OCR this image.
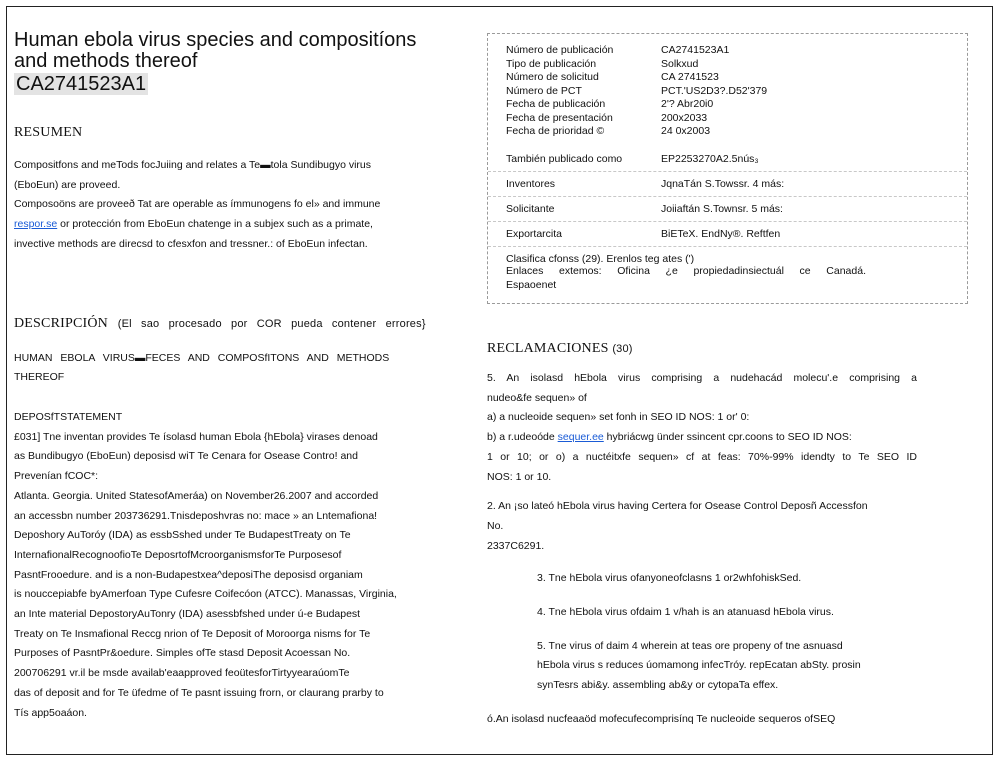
Human ebola virus species and compositíons
and methods thereof
CA2741523A1
RESUMEN
Compositfons and meTods focJuiing and relates a Te▬tola Sundibugyo virus
(EboEun) are proveed.
Composoöns are proveeð Tat are operable as ímmunogens fo el» and immune
respor.se or protección from EboEun chatenge in a subjex such as a primate,
invective methods are direcsd to cfesxfon and tressner.: of EboEun infectan.
DESCRIPCIÓN (El sao procesado por COR pueda contener errores}
HUMAN EBOLA VIRUS▬FECES AND COMPOSfITONS AND METHODS
THEREOF
DEPOSfTSTATEMENT
£031] Tne inventan provides Te ísolasd human Ebola {hEbola} virases denoad
as Bundibugyo (EboEun) deposisd wiT Te Cenara for Osease Contro! and
Prevenían fCOC*:
Atlanta. Georgia. United StatesofAmeráa) on November26.2007 and accorded
an accessbn number 203736291.Tnisdeposhvras no: mace » an Lntemafiona!
Deposhory AuToróy (IDA) as essbSshed under Te BudapestTreaty on Te
InternafionalRecognoofioTe DeposrtofMcroorganismsforTe Purposesof
PasntFrooedure. and is a non-Budapestxea^deposiThe deposisd organiam
is nouccepiabfe byAmerfoan Type Cufesre Coifecóon (ATCC). Manassas, Virginia,
an Inte material DepostoryAuTonry (IDA) asessbfshed under ú-e Budapest
Treaty on Te Insmafional Reccg nrion of Te Deposit of Moroorga nisms for Te
Purposes of PasntPr&oedure. Simples ofTe stasd Deposit Acoessan No.
200706291 vr.il be msde availab'eaapproved feoütesforTirtyyearaúomTe
das of deposit and for Te üfedme of Te pasnt issuing frorn, or claurang prarby to
Tís app5oaáon.
Número de publicación	CA2741523A1
Tipo de publicación	Solkxud
Número de solicitud	CA 2741523
Número de PCT	PCT.'US2D3?.D52'379
Fecha de publicación	2'? Abr20i0
Fecha de presentación	200x2033
Fecha de prioridad ©	24 0x2003
También publicado como	EP2253270A2.5nús₃
Inventores	JqnaTán S.Towssr. 4 más:
Solicitante	Joiiaftán S.Townsr. 5 más:
Exportarcita	BiETeX. EndNy®. Reftfen
Clasifica cfonss (29). Erenlos teg ates (')
Enlaces extemos: Oficina ¿e propiedadinsiectuál ce Canadá.
Espaoenet
RECLAMACIONES (30)
5. An isolasd hEbola virus comprising a nudehacád molecu'.e comprising a
nudeo&fe sequen» of
a) a nucleoide sequen» set fonh in SEO ID NOS: 1 or' 0:
b) a r.udeoóde sequer.ee hybriácwg ünder ssincent cpr.coons to SEO ID NOS:
1 or 10; or o) a nuctéitxfe sequen» cf at feas: 70%-99% idendty to Te SEO ID
NOS: 1 or 10.
2. An ¡so lateó hEbola virus having Certera for Osease Control Deposñ Accessfon
No.
2337C6291.
3. Tne hEbola virus ofanyoneofclasns 1 or2whfohiskSed.
4. Tne hEbola virus ofdaim 1 v/hah is an atanuasd hEbola virus.
5. Tne virus of daim 4 wherein at teas ore propeny of tne asnuasd
hEbola virus s reduces úomamong infecTróy. repEcatan abSty. prosin
synTesrs abi&y. assembling ab&y or cytopaTa effex.
ó.An isolasd nucfeaaöd mofecufecomprisínq Te nucleoide sequeros ofSEQ
